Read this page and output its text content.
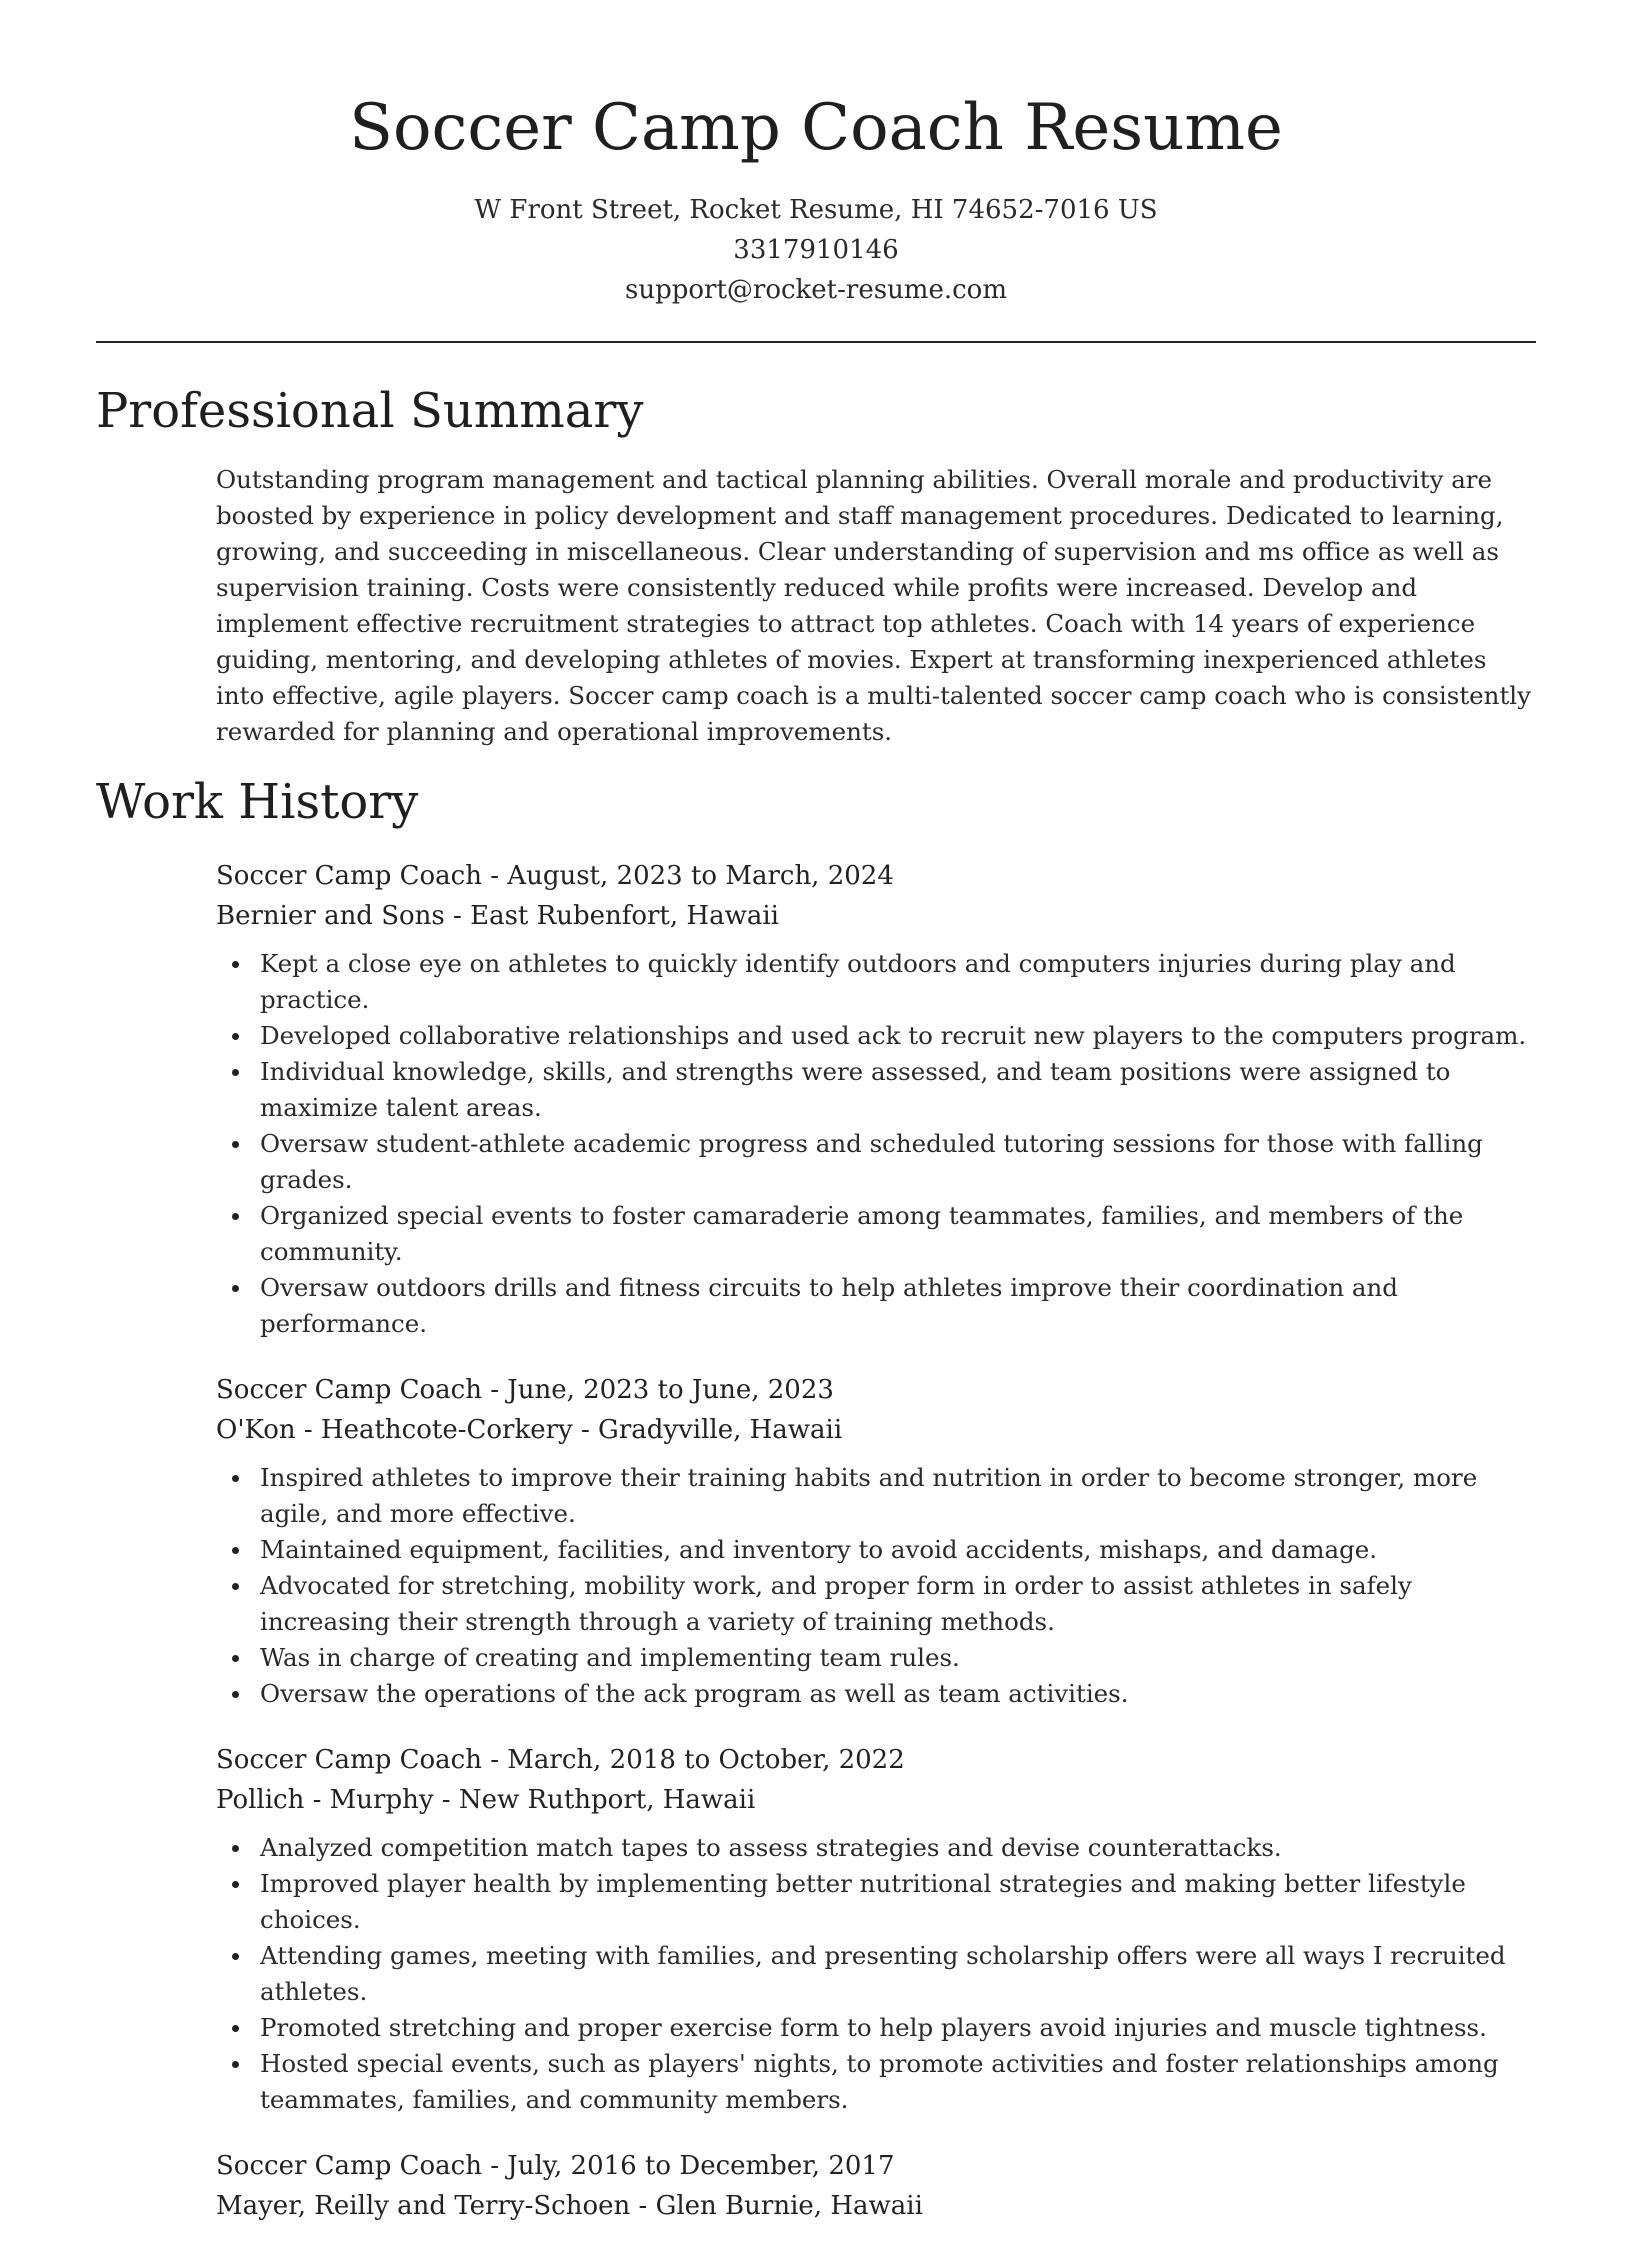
Soccer Camp Coach Resume
W Front Street, Rocket Resume, HI 74652-7016 US
3317910146
support@rocket-resume.com
Professional Summary

Outstanding program management and tactical planning abilities. Overall morale and productivity are boosted by experience in policy development and staff management procedures. Dedicated to learning, growing, and succeeding in miscellaneous. Clear understanding of supervision and ms office as well as supervision training. Costs were consistently reduced while profits were increased. Develop and implement effective recruitment strategies to attract top athletes. Coach with 14 years of experience guiding, mentoring, and developing athletes of movies. Expert at transforming inexperienced athletes into effective, agile players. Soccer camp coach is a multi-talented soccer camp coach who is consistently rewarded for planning and operational improvements.

Work History
Soccer Camp Coach - August, 2023 to March, 2024
Bernier and Sons - East Rubenfort, Hawaii
Kept a close eye on athletes to quickly identify outdoors and computers injuries during play and practice.
Developed collaborative relationships and used ack to recruit new players to the computers program.
Individual knowledge, skills, and strengths were assessed, and team positions were assigned to maximize talent areas.
Oversaw student-athlete academic progress and scheduled tutoring sessions for those with falling grades.
Organized special events to foster camaraderie among teammates, families, and members of the community.
Oversaw outdoors drills and fitness circuits to help athletes improve their coordination and performance.
Soccer Camp Coach - June, 2023 to June, 2023
O'Kon - Heathcote-Corkery - Gradyville, Hawaii
Inspired athletes to improve their training habits and nutrition in order to become stronger, more agile, and more effective.
Maintained equipment, facilities, and inventory to avoid accidents, mishaps, and damage.
Advocated for stretching, mobility work, and proper form in order to assist athletes in safely increasing their strength through a variety of training methods.
Was in charge of creating and implementing team rules.
Oversaw the operations of the ack program as well as team activities.
Soccer Camp Coach - March, 2018 to October, 2022
Pollich - Murphy - New Ruthport, Hawaii
Analyzed competition match tapes to assess strategies and devise counterattacks.
Improved player health by implementing better nutritional strategies and making better lifestyle choices.
Attending games, meeting with families, and presenting scholarship offers were all ways I recruited athletes.
Promoted stretching and proper exercise form to help players avoid injuries and muscle tightness.
Hosted special events, such as players' nights, to promote activities and foster relationships among teammates, families, and community members.
Soccer Camp Coach - July, 2016 to December, 2017
Mayer, Reilly and Terry-Schoen - Glen Burnie, Hawaii
